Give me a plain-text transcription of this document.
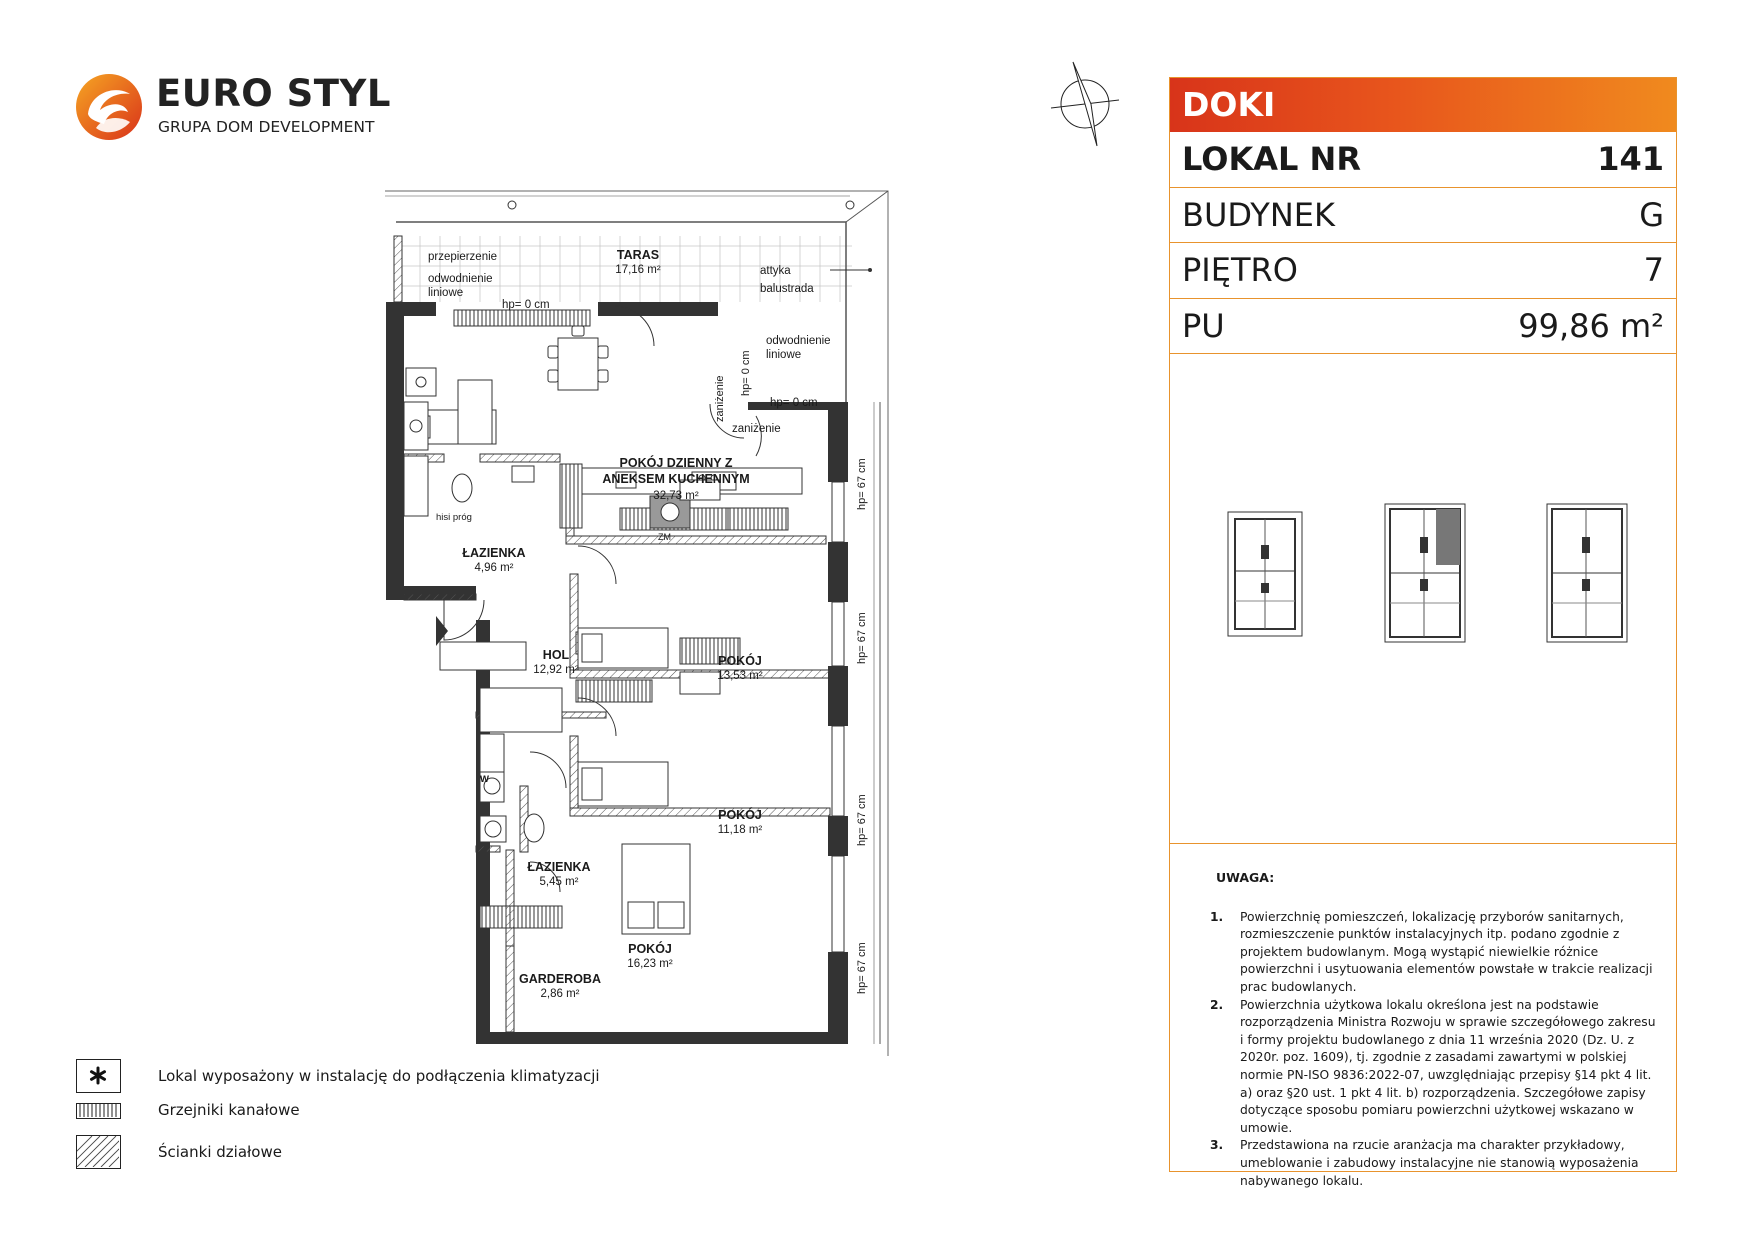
EURO STYL
GRUPA DOM DEVELOPMENT
TARAS
17,16 m²
POKÓJ DZIENNY Z
ANEKSEM KUCHENNYM
32,73 m²
ŁAZIENKA
4,96 m²
HOL
12,92 m²
POKÓJ
13,53 m²
POKÓJ
11,18 m²
ŁAZIENKA
5,45 m²
POKÓJ
16,23 m²
GARDEROBA
2,86 m²
przepierzenie
odwodnienie
liniowe
hp= 0 cm
attyka
balustrada
odwodnienie
liniowe
hp= 0 cm
zaniżenie	hp= 0 cm
zaniżenie
hisi próg
ZM
W
hp= 67 cm
hp= 67 cm
hp= 67 cm
hp= 67 cm
DOKI
LOKAL NR	141
BUDYNEK	G
PIĘTRO	7
PU	99,86 m²
UWAGA:
1. Powierzchnię pomieszczeń, lokalizację przyborów sanitarnych, rozmieszczenie punktów instalacyjnych itp. podano zgodnie z projektem budowlanym. Mogą wystąpić niewielkie różnice powierzchni i usytuowania elementów powstałe w trakcie realizacji prac budowlanych.
2. Powierzchnia użytkowa lokalu określona jest na podstawie rozporządzenia Ministra Rozwoju w sprawie szczegółowego zakresu i formy projektu budowlanego z dnia 11 września 2020 (Dz. U. z 2020r. poz. 1609), tj. zgodnie z zasadami zawartymi w polskiej normie PN-ISO 9836:2022-07, uwzględniając przepisy §14 pkt 4 lit. a) oraz §20 ust. 1 pkt 4 lit. b) rozporządzenia. Szczegółowe zapisy dotyczące sposobu pomiaru powierzchni użytkowej wskazano w umowie.
3. Przedstawiona na rzucie aranżacja ma charakter przykładowy, umeblowanie i zabudowy instalacyjne nie stanowią wyposażenia nabywanego lokalu.
Lokal wyposażony w instalację do podłączenia klimatyzacji
Grzejniki kanałowe
Ścianki działowe
